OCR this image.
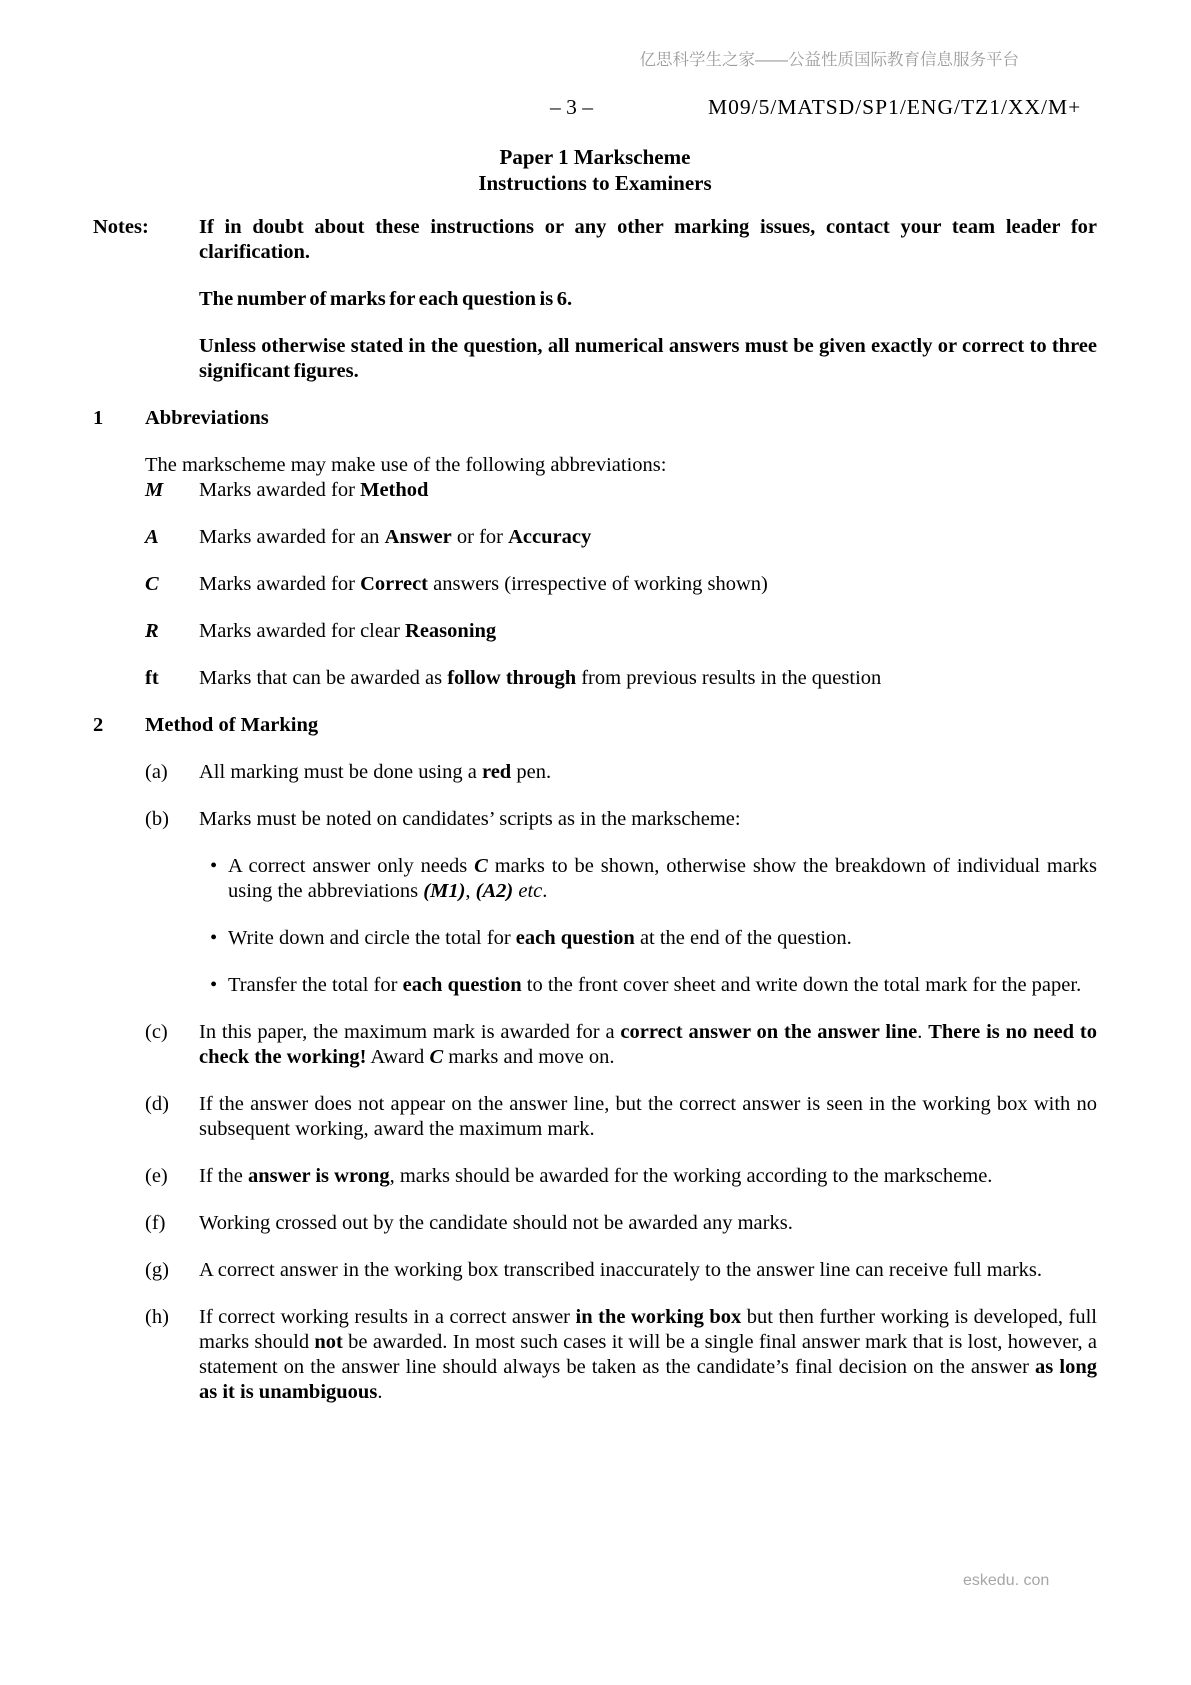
亿思科学生之家——公益性质国际教育信息服务平台
– 3 –	M09/5/MATSD/SP1/ENG/TZ1/XX/M+
Paper 1 Markscheme
Instructions to Examiners
Notes:	If in doubt about these instructions or any other marking issues, contact your team leader for clarification.

The number of marks for each question is 6.

Unless otherwise stated in the question, all numerical answers must be given exactly or correct to three significant figures.

1	Abbreviations

The markscheme may make use of the following abbreviations:

M	Marks awarded for Method
A	Marks awarded for an Answer or for Accuracy
C	Marks awarded for Correct answers (irrespective of working shown)
R	Marks awarded for clear Reasoning
ft	Marks that can be awarded as follow through from previous results in the question
2	Method of Marking
(a)	All marking must be done using a red pen.
(b)	Marks must be noted on candidates’ scripts as in the markscheme:
• A correct answer only needs C marks to be shown, otherwise show the breakdown of individual marks using the abbreviations (M1), (A2) etc.
• Write down and circle the total for each question at the end of the question.
• Transfer the total for each question to the front cover sheet and write down the total mark for the paper.
(c)	In this paper, the maximum mark is awarded for a correct answer on the answer line. There is no need to check the working! Award C marks and move on.
(d)	If the answer does not appear on the answer line, but the correct answer is seen in the working box with no subsequent working, award the maximum mark.
(e)	If the answer is wrong, marks should be awarded for the working according to the markscheme.
(f)	Working crossed out by the candidate should not be awarded any marks.
(g)	A correct answer in the working box transcribed inaccurately to the answer line can receive full marks.
(h)	If correct working results in a correct answer in the working box but then further working is developed, full marks should not be awarded. In most such cases it will be a single final answer mark that is lost, however, a statement on the answer line should always be taken as the candidate’s final decision on the answer as long as it is unambiguous.
eskedu. con
